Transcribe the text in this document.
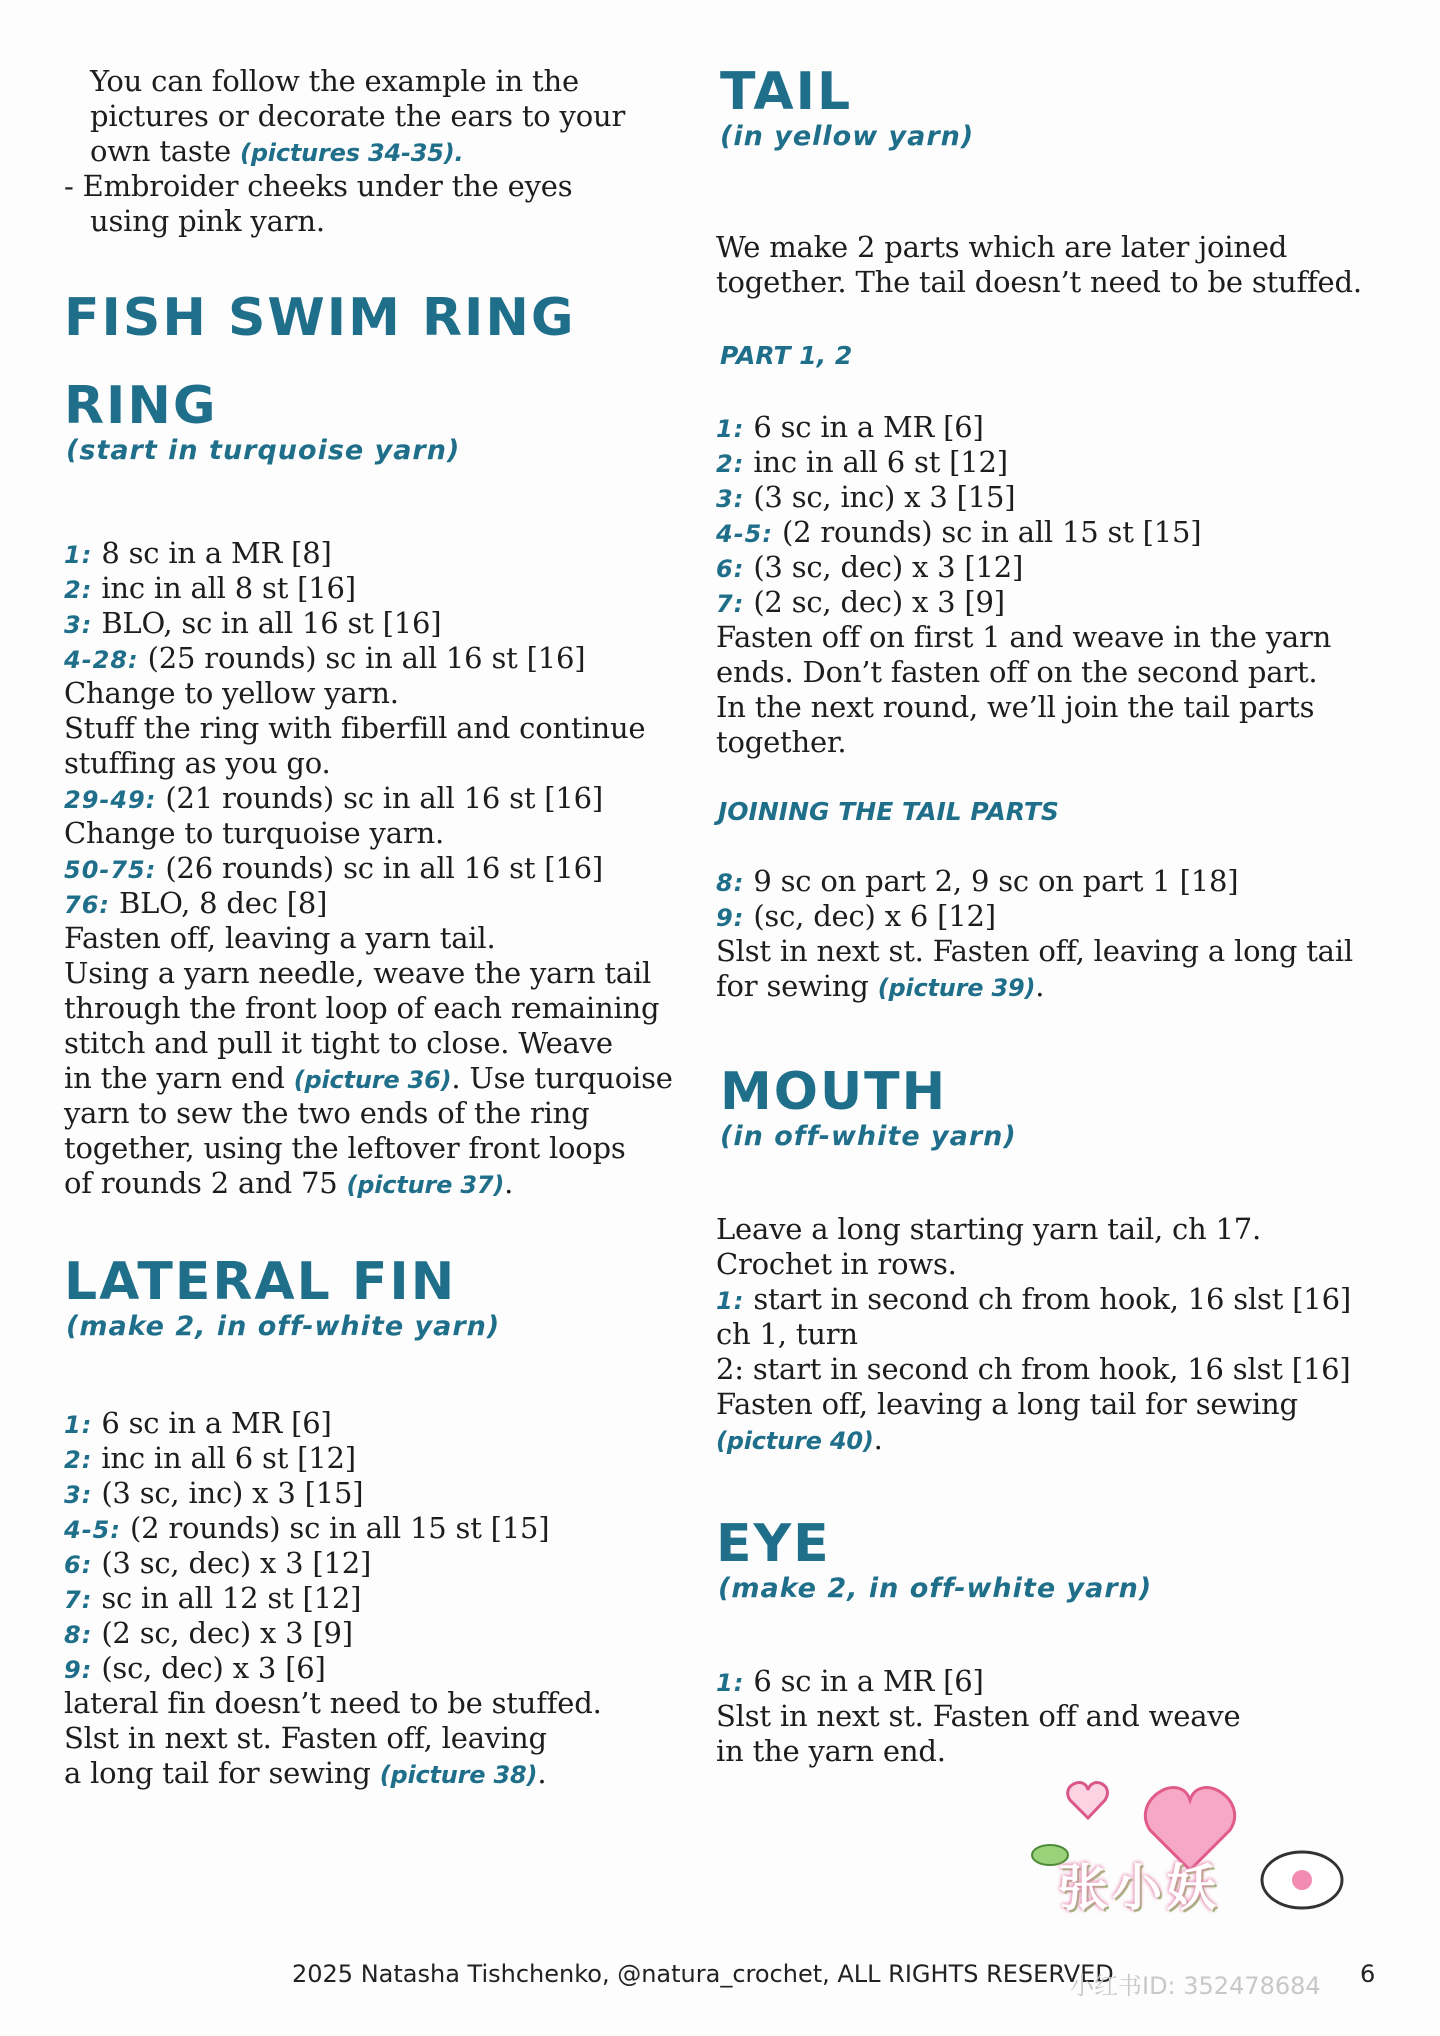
You can follow the example in the
pictures or decorate the ears to your
own taste (pictures 34-35).
- Embroider cheeks under the eyes
using pink yarn.
FISH SWIM RING
RING
(start in turquoise yarn)
1: 8 sc in a MR [8]
2: inc in all 8 st [16]
3: BLO, sc in all 16 st [16]
4-28: (25 rounds) sc in all 16 st [16]
Change to yellow yarn.
Stuff the ring with fiberfill and continue
stuffing as you go.
29-49: (21 rounds) sc in all 16 st [16]
Change to turquoise yarn.
50-75: (26 rounds) sc in all 16 st [16]
76: BLO, 8 dec [8]
Fasten off, leaving a yarn tail.
Using a yarn needle, weave the yarn tail
through the front loop of each remaining
stitch and pull it tight to close. Weave
in the yarn end (picture 36). Use turquoise
yarn to sew the two ends of the ring
together, using the leftover front loops
of rounds 2 and 75 (picture 37).
LATERAL FIN
(make 2, in off-white yarn)
1: 6 sc in a MR [6]
2: inc in all 6 st [12]
3: (3 sc, inc) x 3 [15]
4-5: (2 rounds) sc in all 15 st [15]
6: (3 sc, dec) x 3 [12]
7: sc in all 12 st [12]
8: (2 sc, dec) x 3 [9]
9: (sc, dec) x 3 [6]
lateral fin doesn’t need to be stuffed.
Slst in next st. Fasten off, leaving
a long tail for sewing (picture 38).
TAIL
(in yellow yarn)
We make 2 parts which are later joined
together. The tail doesn’t need to be stuffed.
PART 1, 2
1: 6 sc in a MR [6]
2: inc in all 6 st [12]
3: (3 sc, inc) x 3 [15]
4-5: (2 rounds) sc in all 15 st [15]
6: (3 sc, dec) x 3 [12]
7: (2 sc, dec) x 3 [9]
Fasten off on first 1 and weave in the yarn
ends. Don’t fasten off on the second part.
In the next round, we’ll join the tail parts
together.
JOINING THE TAIL PARTS
8: 9 sc on part 2, 9 sc on part 1 [18]
9: (sc, dec) x 6 [12]
Slst in next st. Fasten off, leaving a long tail
for sewing (picture 39).
MOUTH
(in off-white yarn)
Leave a long starting yarn tail, ch 17.
Crochet in rows.
1: start in second ch from hook, 16 slst [16]
ch 1, turn
2: start in second ch from hook, 16 slst [16]
Fasten off, leaving a long tail for sewing
(picture 40).
EYE
(make 2, in off-white yarn)
1: 6 sc in a MR [6]
Slst in next st. Fasten off and weave
in the yarn end.
张小妖
2025 Natasha Tishchenko, @natura_crochet, ALL RIGHTS RESERVED
小红书ID: 352478684 6
